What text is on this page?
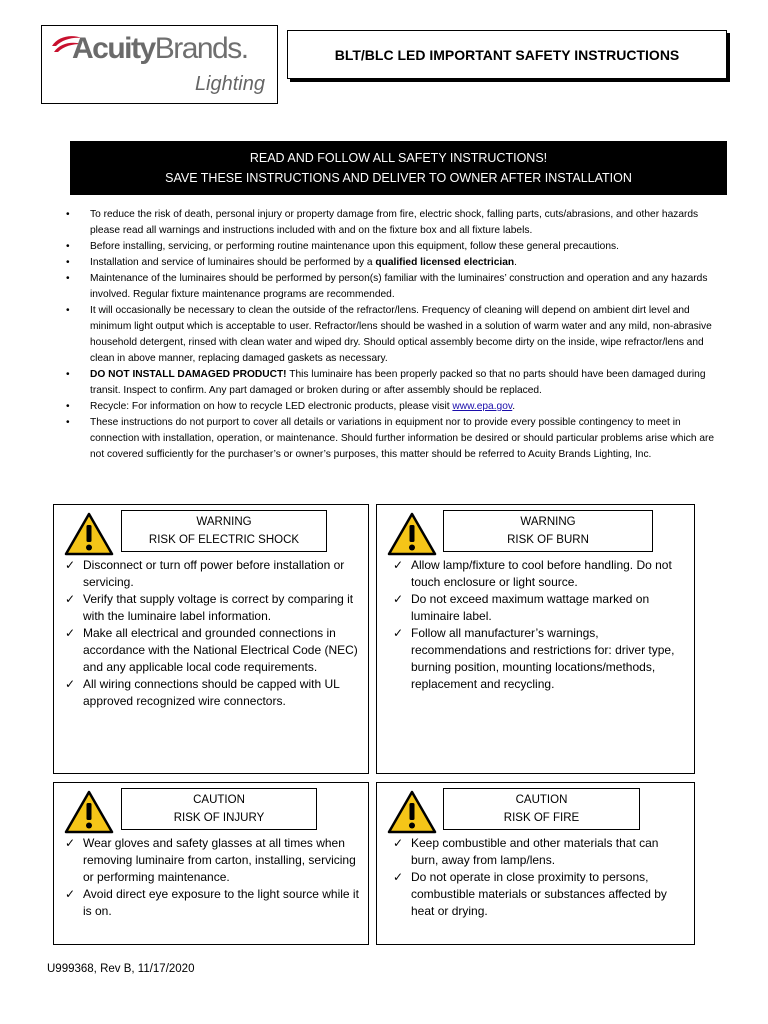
AcuityBrands.
Lighting
BLT/BLC LED IMPORTANT SAFETY INSTRUCTIONS
READ AND FOLLOW ALL SAFETY INSTRUCTIONS!
SAVE THESE INSTRUCTIONS AND DELIVER TO OWNER AFTER INSTALLATION
• To reduce the risk of death, personal injury or property damage from fire, electric shock, falling parts, cuts/abrasions, and other hazards please read all warnings and instructions included with and on the fixture box and all fixture labels.
• Before installing, servicing, or performing routine maintenance upon this equipment, follow these general precautions.
• Installation and service of luminaires should be performed by a qualified licensed electrician.
• Maintenance of the luminaires should be performed by person(s) familiar with the luminaires’ construction and operation and any hazards involved. Regular fixture maintenance programs are recommended.
• It will occasionally be necessary to clean the outside of the refractor/lens. Frequency of cleaning will depend on ambient dirt level and minimum light output which is acceptable to user. Refractor/lens should be washed in a solution of warm water and any mild, non-abrasive household detergent, rinsed with clean water and wiped dry. Should optical assembly become dirty on the inside, wipe refractor/lens and clean in above manner, replacing damaged gaskets as necessary.
• DO NOT INSTALL DAMAGED PRODUCT! This luminaire has been properly packed so that no parts should have been damaged during transit. Inspect to confirm. Any part damaged or broken during or after assembly should be replaced.
• Recycle: For information on how to recycle LED electronic products, please visit www.epa.gov.
• These instructions do not purport to cover all details or variations in equipment nor to provide every possible contingency to meet in connection with installation, operation, or maintenance. Should further information be desired or should particular problems arise which are not covered sufficiently for the purchaser’s or owner’s purposes, this matter should be referred to Acuity Brands Lighting, Inc.
WARNING
RISK OF ELECTRIC SHOCK
✓ Disconnect or turn off power before installation or servicing.
✓ Verify that supply voltage is correct by comparing it with the luminaire label information.
✓ Make all electrical and grounded connections in accordance with the National Electrical Code (NEC) and any applicable local code requirements.
✓ All wiring connections should be capped with UL approved recognized wire connectors.
WARNING
RISK OF BURN
✓ Allow lamp/fixture to cool before handling. Do not touch enclosure or light source.
✓ Do not exceed maximum wattage marked on luminaire label.
✓ Follow all manufacturer’s warnings, recommendations and restrictions for: driver type, burning position, mounting locations/methods, replacement and recycling.
CAUTION
RISK OF INJURY
✓ Wear gloves and safety glasses at all times when removing luminaire from carton, installing, servicing or performing maintenance.
✓ Avoid direct eye exposure to the light source while it is on.
CAUTION
RISK OF FIRE
✓ Keep combustible and other materials that can burn, away from lamp/lens.
✓ Do not operate in close proximity to persons, combustible materials or substances affected by heat or drying.
U999368, Rev B, 11/17/2020
